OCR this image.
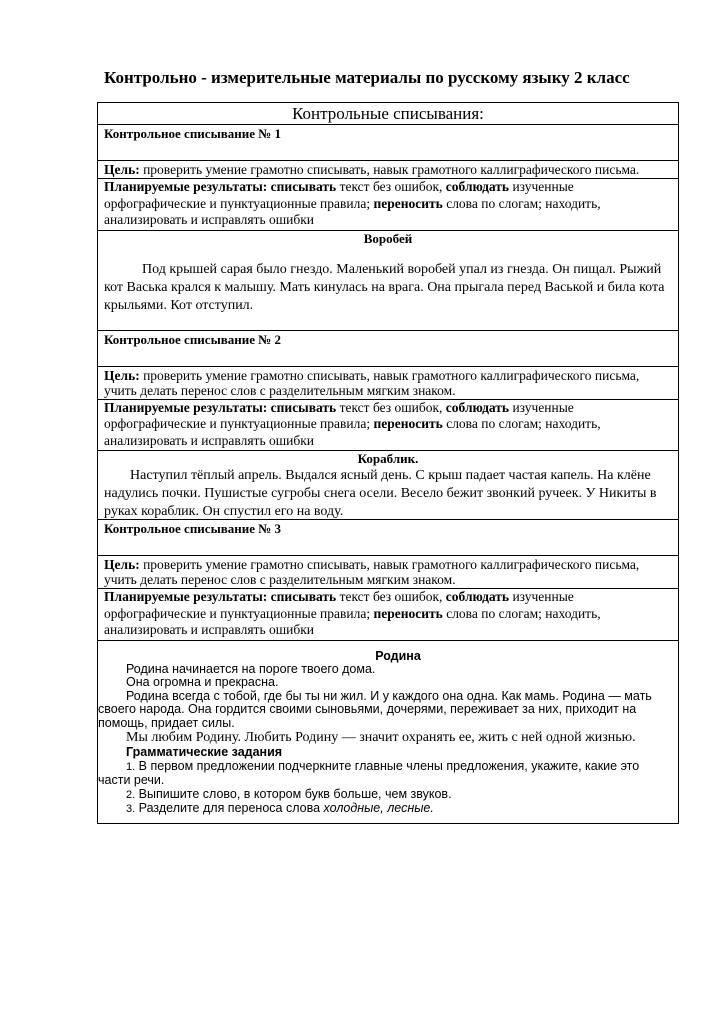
Контрольно - измерительные материалы по русскому языку 2 класс
Контрольные списывания:
Контрольное списывание № 1
Цель: проверить умение грамотно списывать, навык грамотного каллиграфического письма.
Планируемые результаты: списывать текст без ошибок, соблюдать изученные орфографические и пунктуационные правила; переносить слова по слогам; находить, анализировать и исправлять ошибки
Воробей
Под крышей сарая было гнездо. Маленький воробей упал из гнезда. Он пищал. Рыжий кот Васька крался к малышу. Мать кинулась на врага. Она прыгала перед Васькой и била кота крыльями. Кот отступил.
Контрольное списывание № 2
Цель: проверить умение грамотно списывать, навык грамотного каллиграфического письма, учить делать перенос слов с разделительным мягким знаком.
Планируемые результаты: списывать текст без ошибок, соблюдать изученные орфографические и пунктуационные правила; переносить слова по слогам; находить, анализировать и исправлять ошибки
Кораблик.
Наступил тёплый апрель. Выдался ясный день. С крыш падает частая капель. На клёне надулись почки. Пушистые сугробы снега осели. Весело бежит звонкий ручеек. У Никиты в руках кораблик. Он спустил его на воду.
Контрольное списывание № 3
Цель: проверить умение грамотно списывать, навык грамотного каллиграфического письма, учить делать перенос слов с разделительным мягким знаком.
Планируемые результаты: списывать текст без ошибок, соблюдать изученные орфографические и пунктуационные правила; переносить слова по слогам; находить, анализировать и исправлять ошибки
Родина
Родина начинается на пороге твоего дома.
Она огромна и прекрасна.
Родина всегда с тобой, где бы ты ни жил. И у каждого она одна. Как мамь. Родина — мать своего народа. Она гордится своими сыновьями, дочерями, переживает за них, приходит на помощь, придает силы.
Мы любим Родину. Любить Родину — значит охранять ее, жить с ней одной жизнью.
Грамматические задания
1. В первом предложении подчеркните главные члены предложения, укажите, какие это части речи.
2. Выпишите слово, в котором букв больше, чем звуков.
3. Разделите для переноса слова холодные, лесные.
